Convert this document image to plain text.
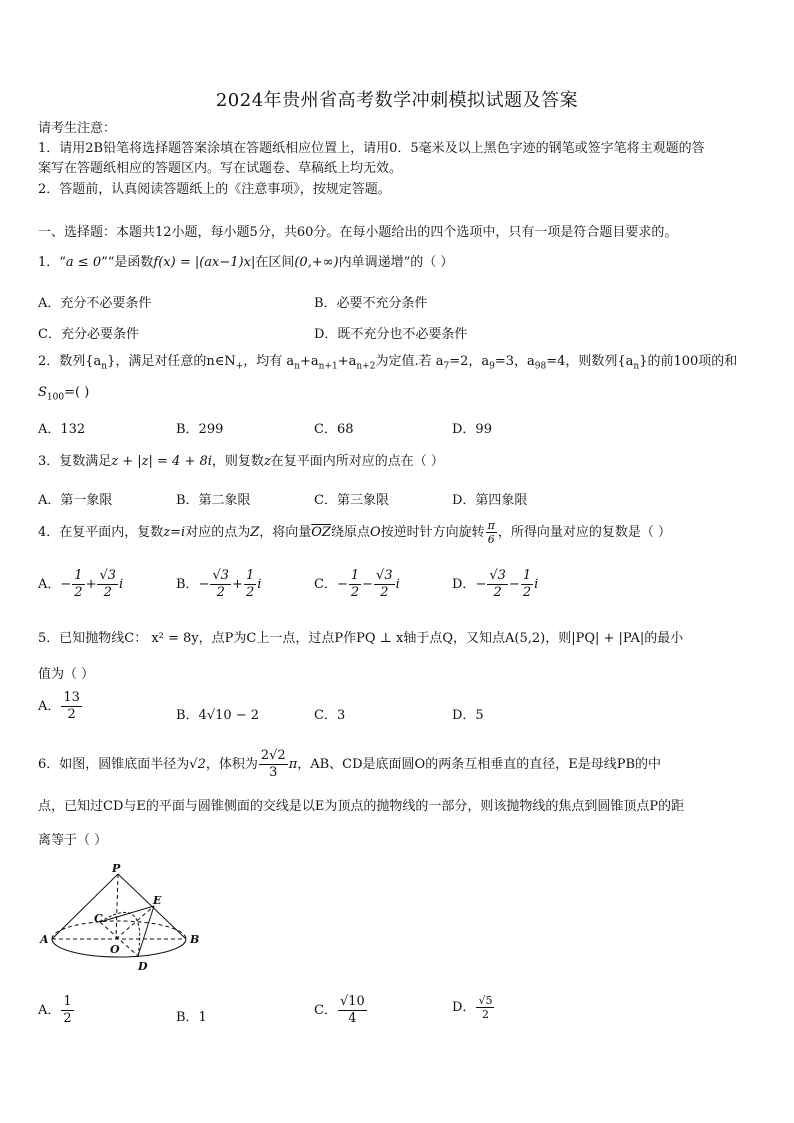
2024年贵州省高考数学冲刺模拟试题及答案
请考生注意：
1．请用2B铅笔将选择题答案涂填在答题纸相应位置上，请用0．5毫米及以上黑色字迹的钢笔或签字笔将主观题的答
案写在答题纸相应的答题区内。写在试题卷、草稿纸上均无效。
2．答题前，认真阅读答题纸上的《注意事项》，按规定答题。
一、选择题：本题共12小题，每小题5分，共60分。在每小题给出的四个选项中，只有一项是符合题目要求的。
1．“a ≤ 0”“是函数f(x) = |(ax−1)x|在区间(0,+∞)内单调递增”的（ ）
A．充分不必要条件	B．必要不充分条件
C．充分必要条件	D．既不充分也不必要条件
2．数列$\{a_n\}$，满足对任意的$n\in N_+$，均有 $a_n+a_{n+1}+a_{n+2}$为定值.若 $a_7=2$，$a_9=3$，$a_{98}=4$，则数列$\{a_n\}$的前100项的和
$S_{100}=$( )
A．132	B．299	C．68	D．99
3．复数满足z + |z| = 4 + 8i，则复数z在复平面内所对应的点在（ ）
A．第一象限	B．第二象限	C．第三象限	D．第四象限
4．在复平面内，复数z=i对应的点为Z，将向量$\overline{OZ}$绕原点O按逆时针方向旋转 $\frac{\pi}{6}$ ，所得向量对应的复数是（ ）
A．− $\frac{1}{2} + \frac{√3}{2}$ i	B．− $\frac{√3}{2} + \frac{1}{2}$ i	C．− $\frac{1}{2} - \frac{√3}{2}$ i	D．− $\frac{√3}{2} - \frac{1}{2}$ i
5．已知抛物线C： x² = 8y，点P为C上一点，过点P作PQ ⊥ x轴于点Q，又知点A(5,2)，则|PQ| + |PA|的最小
值为（ ）
A． $\frac{13}{2}$	B．4√10 − 2	C．3	D．5
6．如图，圆锥底面半径为√2，体积为 $\frac{2√2}{3}$ π，AB、CD是底面圆O的两条互相垂直的直径，E是母线PB的中
点，已知过CD与E的平面与圆锥侧面的交线是以E为顶点的抛物线的一部分，则该抛物线的焦点到圆锥顶点P的距
离等于（ ）
P
E
C
A
O
B
D
A． $\frac{1}{2}$	B．1	C． $\frac{√10}{4}$	D． $\frac{√5}{2}$
